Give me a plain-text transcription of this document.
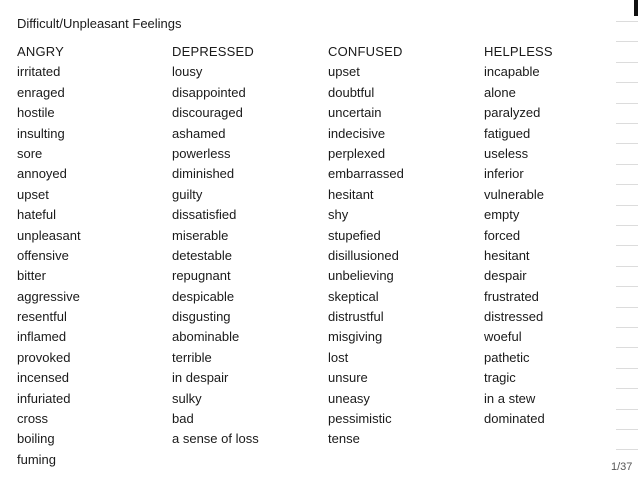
Difficult/Unpleasant Feelings
ANGRY
irritated
enraged
hostile
insulting
sore
annoyed
upset
hateful
unpleasant
offensive
bitter
aggressive
resentful
inflamed
provoked
incensed
infuriated
cross
boiling
fuming
DEPRESSED
lousy
disappointed
discouraged
ashamed
powerless
diminished
guilty
dissatisfied
miserable
detestable
repugnant
despicable
disgusting
abominable
terrible
in despair
sulky
bad
a sense of loss
CONFUSED
upset
doubtful
uncertain
indecisive
perplexed
embarrassed
hesitant
shy
stupefied
disillusioned
unbelieving
skeptical
distrustful
misgiving
lost
unsure
uneasy
pessimistic
tense
HELPLESS
incapable
alone
paralyzed
fatigued
useless
inferior
vulnerable
empty
forced
hesitant
despair
frustrated
distressed
woeful
pathetic
tragic
in a stew
dominated
1/37
